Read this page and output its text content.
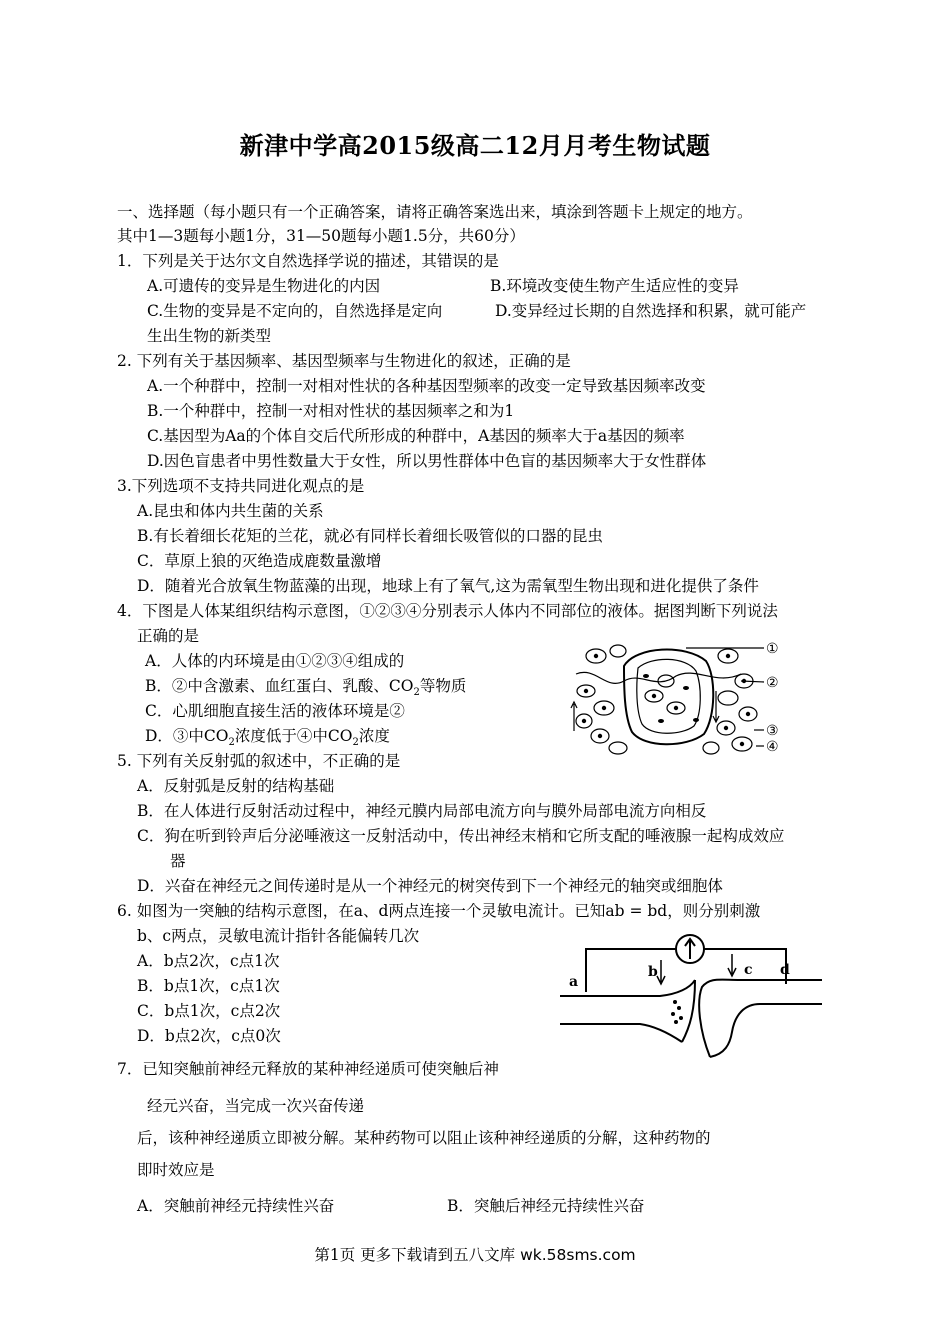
新津中学高2015级高二12月月考生物试题
一、选择题（每小题只有一个正确答案，请将正确答案选出来，填涂到答题卡上规定的地方。
其中1—3题每小题1分，31—50题每小题1.5分，共60分）
1．下列是关于达尔文自然选择学说的描述，其错误的是
A.可遗传的变异是生物进化的内因	B.环境改变使生物产生适应性的变异
C.生物的变异是不定向的，自然选择是定向	D.变异经过长期的自然选择和积累，就可能产
生出生物的新类型
2. 下列有关于基因频率、基因型频率与生物进化的叙述，正确的是
A.一个种群中，控制一对相对性状的各种基因型频率的改变一定导致基因频率改变
B.一个种群中，控制一对相对性状的基因频率之和为1
C.基因型为Aa的个体自交后代所形成的种群中，A基因的频率大于a基因的频率
D.因色盲患者中男性数量大于女性，所以男性群体中色盲的基因频率大于女性群体
3.下列选项不支持共同进化观点的是
A.昆虫和体内共生菌的关系
B.有长着细长花矩的兰花，就必有同样长着细长吸管似的口器的昆虫
C．草原上狼的灭绝造成鹿数量激增
D．随着光合放氧生物蓝藻的出现，地球上有了氧气,这为需氧型生物出现和进化提供了条件
4．下图是人体某组织结构示意图，①②③④分别表示人体内不同部位的液体。据图判断下列说法
正确的是
A．人体的内环境是由①②③④组成的
B．②中含激素、血红蛋白、乳酸、$CO_2$等物质
C．心肌细胞直接生活的液体环境是②
D．③中$CO_2$浓度低于④中$CO_2$浓度
①
②
③
④
5. 下列有关反射弧的叙述中，不正确的是
A．反射弧是反射的结构基础
B．在人体进行反射活动过程中，神经元膜内局部电流方向与膜外局部电流方向相反
C．狗在听到铃声后分泌唾液这一反射活动中，传出神经末梢和它所支配的唾液腺一起构成效应
器
D．兴奋在神经元之间传递时是从一个神经元的树突传到下一个神经元的轴突或细胞体
6. 如图为一突触的结构示意图，在a、d两点连接一个灵敏电流计。已知ab = bd，则分别刺激
b、c两点，灵敏电流计指针各能偏转几次
A．b点2次，c点1次
B．b点1次，c点1次
C．b点1次，c点2次
D．b点2次，c点0次
a
b	c d
7．已知突触前神经元释放的某种神经递质可使突触后神
经元兴奋，当完成一次兴奋传递
后，该种神经递质立即被分解。某种药物可以阻止该种神经递质的分解，这种药物的
即时效应是
A．突触前神经元持续性兴奋	B．突触后神经元持续性兴奋
第1页 更多下载请到五八文库 wk.58sms.com
